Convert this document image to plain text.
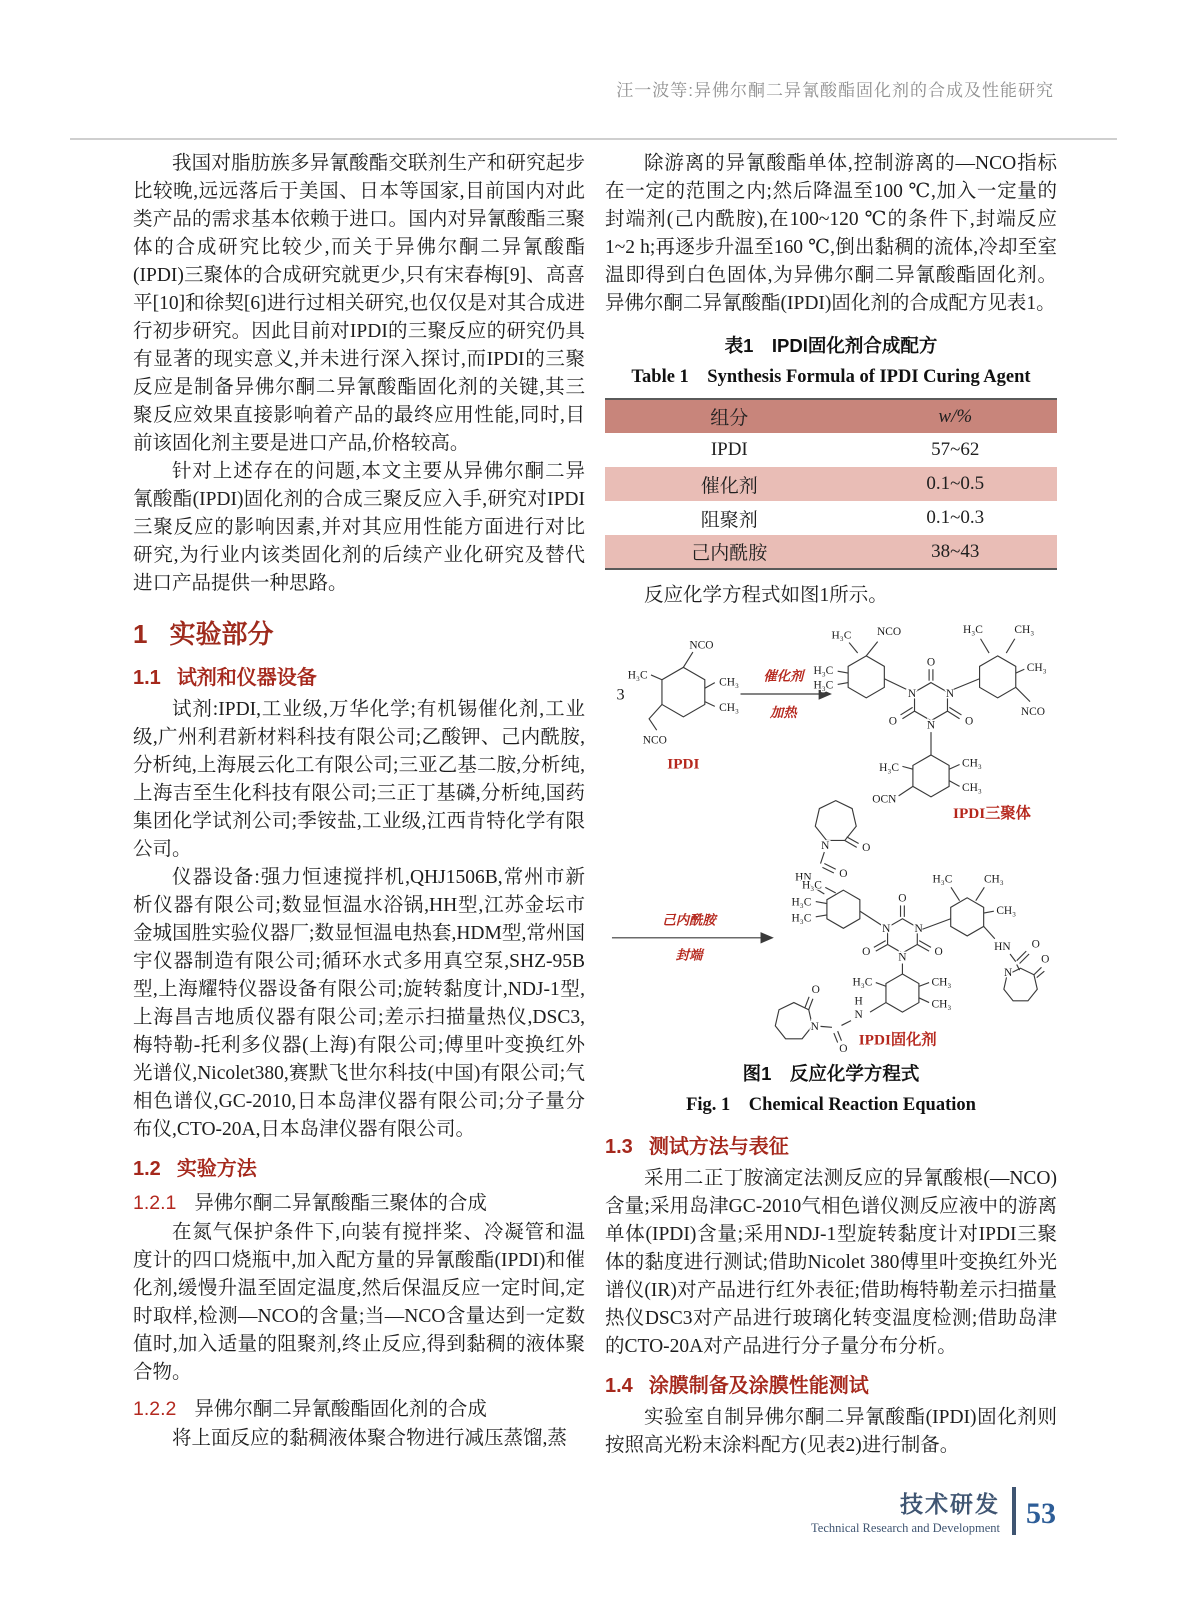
汪一波等:异佛尔酮二异氰酸酯固化剂的合成及性能研究

我国对脂肪族多异氰酸酯交联剂生产和研究起步比较晚,远远落后于美国、日本等国家,目前国内对此类产品的需求基本依赖于进口。国内对异氰酸酯三聚体的合成研究比较少,而关于异佛尔酮二异氰酸酯(IPDI)三聚体的合成研究就更少,只有宋春梅[9]、高喜平[10]和徐契[6]进行过相关研究,也仅仅是对其合成进行初步研究。因此目前对IPDI的三聚反应的研究仍具有显著的现实意义,并未进行深入探讨,而IPDI的三聚反应是制备异佛尔酮二异氰酸酯固化剂的关键,其三聚反应效果直接影响着产品的最终应用性能,同时,目前该固化剂主要是进口产品,价格较高。

针对上述存在的问题,本文主要从异佛尔酮二异氰酸酯(IPDI)固化剂的合成三聚反应入手,研究对IPDI三聚反应的影响因素,并对其应用性能方面进行对比研究,为行业内该类固化剂的后续产业化研究及替代进口产品提供一种思路。

1 实验部分
1.1 试剂和仪器设备

试剂:IPDI,工业级,万华化学;有机锡催化剂,工业级,广州利君新材料科技有限公司;乙酸钾、己内酰胺,分析纯,上海展云化工有限公司;三亚乙基二胺,分析纯,上海吉至生化科技有限公司;三正丁基磷,分析纯,国药集团化学试剂公司;季铵盐,工业级,江西肯特化学有限公司。

仪器设备:强力恒速搅拌机,QHJ1506B,常州市新析仪器有限公司;数显恒温水浴锅,HH型,江苏金坛市金城国胜实验仪器厂;数显恒温电热套,HDM型,常州国宇仪器制造有限公司;循环水式多用真空泵,SHZ-95B型,上海耀特仪器设备有限公司;旋转黏度计,NDJ-1型,上海昌吉地质仪器有限公司;差示扫描量热仪,DSC3,梅特勒-托利多仪器(上海)有限公司;傅里叶变换红外光谱仪,Nicolet380,赛默飞世尔科技(中国)有限公司;气相色谱仪,GC-2010,日本岛津仪器有限公司;分子量分布仪,CTO-20A,日本岛津仪器有限公司。

1.2 实验方法
1.2.1 异佛尔酮二异氰酸酯三聚体的合成

在氮气保护条件下,向装有搅拌桨、冷凝管和温度计的四口烧瓶中,加入配方量的异氰酸酯(IPDI)和催化剂,缓慢升温至固定温度,然后保温反应一定时间,定时取样,检测—NCO的含量;当—NCO含量达到一定数值时,加入适量的阻聚剂,终止反应,得到黏稠的液体聚合物。

1.2.2 异佛尔酮二异氰酸酯固化剂的合成

将上面反应的黏稠液体聚合物进行减压蒸馏,蒸

除游离的异氰酸酯单体,控制游离的—NCO指标在一定的范围之内;然后降温至100 ℃,加入一定量的封端剂(己内酰胺),在100~120 ℃的条件下,封端反应1~2 h;再逐步升温至160 ℃,倒出黏稠的流体,冷却至室温即得到白色固体,为异佛尔酮二异氰酸酯固化剂。异佛尔酮二异氰酸酯(IPDI)固化剂的合成配方见表1。

表1　IPDI固化剂合成配方
Table 1　Synthesis Formula of IPDI Curing Agent
组分	w/%
IPDI	57~62
催化剂	0.1~0.5
阻聚剂	0.1~0.3
己内酰胺	38~43

反应化学方程式如图1所示。

3
NCO
H₃C
CH₃
CH₃
NCO
IPDI
催化剂
加热
O
N N
N
O	O
NCO
H₃C
H₃C
H₃C
H₃C	CH₃
CH₃
NCO
H₃C	CH₃
CH₃
OCN
IPDI三聚体
己内酰胺
封端
N	O
O
HN
H₃C
H₃C
H₃C
O
N N
N
O	O
H₃C	CH₃
CH₃
HN O
N
O
H₃C	CH₃
CH₃
H
N
O
N
O
IPDI固化剂
图1　反应化学方程式
Fig. 1　Chemical Reaction Equation
1.3 测试方法与表征

采用二正丁胺滴定法测反应的异氰酸根(—NCO)含量;采用岛津GC-2010气相色谱仪测反应液中的游离单体(IPDI)含量;采用NDJ-1型旋转黏度计对IPDI三聚体的黏度进行测试;借助Nicolet 380傅里叶变换红外光谱仪(IR)对产品进行红外表征;借助梅特勒差示扫描量热仪DSC3对产品进行玻璃化转变温度检测;借助岛津的CTO-20A对产品进行分子量分布分析。

1.4 涂膜制备及涂膜性能测试

实验室自制异佛尔酮二异氰酸酯(IPDI)固化剂则按照高光粉末涂料配方(见表2)进行制备。

技术研发
Technical Research and Development 53
